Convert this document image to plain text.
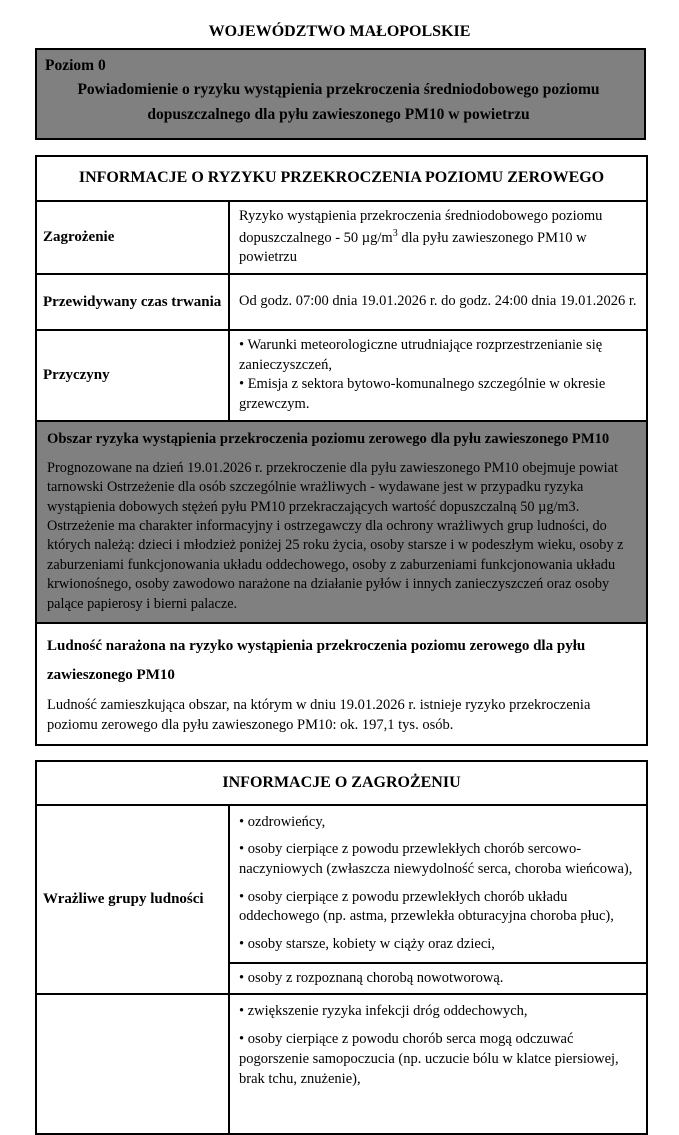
WOJEWÓDZTWO MAŁOPOLSKIE
Poziom 0
Powiadomienie o ryzyku wystąpienia przekroczenia średniodobowego poziomu dopuszczalnego dla pyłu zawieszonego PM10 w powietrzu
INFORMACJE O RYZYKU PRZEKROCZENIA POZIOMU ZEROWEGO	
Zagrożenie	Ryzyko wystąpienia przekroczenia średniodobowego poziomu dopuszczalnego - 50 $\mu g/m^3$ dla pyłu zawieszonego PM10 w powietrzu
Przewidywany czas trwania	Od godz. 07:00 dnia 19.01.2026 r. do godz. 24:00 dnia 19.01.2026 r.
Przyczyny	• Warunki meteorologiczne utrudniające rozprzestrzenianie się zanieczyszczeń,
• Emisja z sektora bytowo-komunalnego szczególnie w okresie grzewczym.

Obszar ryzyka wystąpienia przekroczenia poziomu zerowego dla pyłu zawieszonego PM10
Prognozowane na dzień 19.01.2026 r. przekroczenie dla pyłu zawieszonego PM10 obejmuje powiat tarnowski Ostrzeżenie dla osób szczególnie wrażliwych - wydawane jest w przypadku ryzyka wystąpienia dobowych stężeń pyłu PM10 przekraczających wartość dopuszczalną 50 µg/m3. Ostrzeżenie ma charakter informacyjny i ostrzegawczy dla ochrony wrażliwych grup ludności, do których należą: dzieci i młodzież poniżej 25 roku życia, osoby starsze i w podeszłym wieku, osoby z zaburzeniami funkcjonowania układu oddechowego, osoby z zaburzeniami funkcjonowania układu krwionośnego, osoby zawodowo narażone na działanie pyłów i innych zanieczyszczeń oraz osoby palące papierosy i bierni palacze.	

Ludność narażona na ryzyko wystąpienia przekroczenia poziomu zerowego dla pyłu zawieszonego PM10
Ludność zamieszkująca obszar, na którym w dniu 19.01.2026 r. istnieje ryzyko przekroczenia poziomu zerowego dla pyłu zawieszonego PM10: ok. 197,1 tys. osób.	
INFORMACJE O ZAGROŻENIU	
Wrażliwe grupy ludności	• ozdrowieńcy,
• osoby cierpiące z powodu przewlekłych chorób sercowo-naczyniowych (zwłaszcza niewydolność serca, choroba wieńcowa),
• osoby cierpiące z powodu przewlekłych chorób układu oddechowego (np. astma, przewlekła obturacyjna choroba płuc),
• osoby starsze, kobiety w ciąży oraz dzieci,

	• osoby z rozpoznaną chorobą nowotworową.

	• zwiększenie ryzyka infekcji dróg oddechowych,
• osoby cierpiące z powodu chorób serca mogą odczuwać pogorszenie samopoczucia (np. uczucie bólu w klatce piersiowej, brak tchu, znużenie),
